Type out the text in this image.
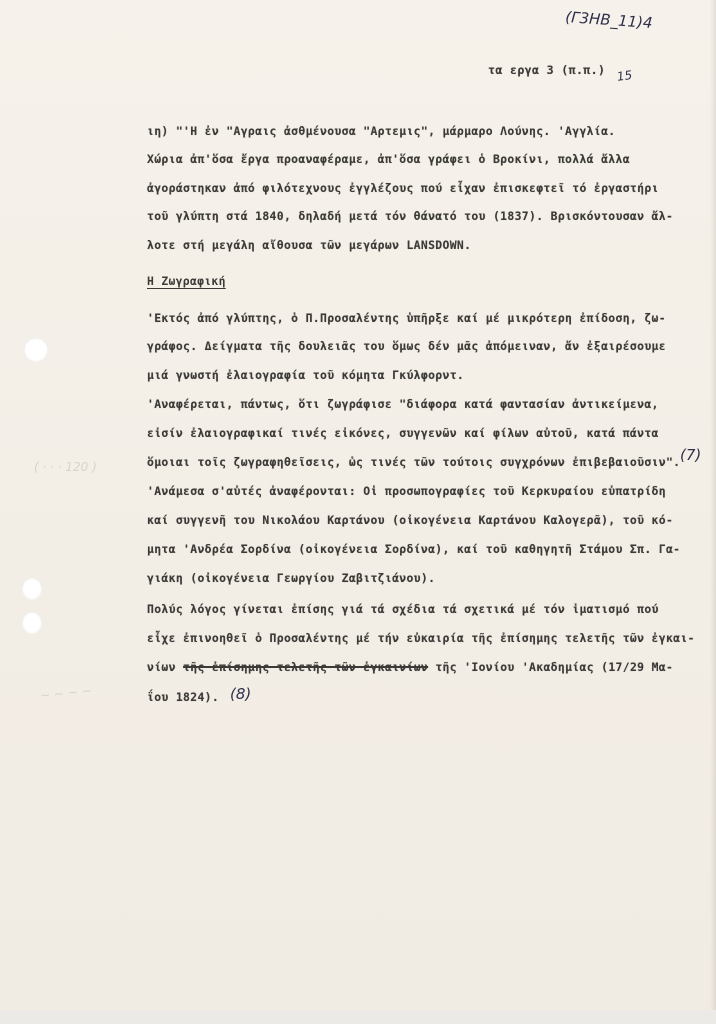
( · · · 120 )
~ ~ ~ ~
(Γ3ΗΒ_11)4
15
τα εργα 3 (π.π.)
ιη) "'Η ἐν "Αγραις ἀσθμένουσα "Αρτεμις", μάρμαρο Λούνης. 'Αγγλία.
Χώρια ἀπ'ὅσα ἔργα προαναφέραμε, ἀπ'ὅσα γράφει ὁ Βροκίνι, πολλά ἄλλα
ἀγοράστηκαν ἀπό φιλότεχνους ἐγγλέζους πού εἶχαν ἐπισκεφτεῖ τό ἐργαστήρι
τοῦ γλύπτη στά 1840, δηλαδή μετά τόν θάνατό του (1837). Βρισκόντουσαν ἄλ-
λοτε στή μεγάλη αἴθουσα τῶν μεγάρων LANSDOWN.
Η Ζωγραφική
'Εκτός ἀπό γλύπτης, ὁ Π.Προσαλέντης ὑπῆρξε καί μέ μικρότερη ἐπίδοση, ζω-
γράφος. Δείγματα τῆς δουλειᾶς του ὅμως δέν μᾶς ἀπόμειναν, ἄν ἐξαιρέσουμε
μιά γνωστή ἐλαιογραφία τοῦ κόμητα Γκύλφορντ.
'Αναφέρεται, πάντως, ὅτι ζωγράφισε "διάφορα κατά φαντασίαν ἀντικείμενα,
εἰσίν ἐλαιογραφικαί τινές εἰκόνες, συγγενῶν καί φίλων αὐτοῦ, κατά πάντα
ὅμοιαι τοῖς ζωγραφηθεῖσεις, ὡς τινές τῶν τούτοις συγχρόνων ἐπιβεβαιοῦσιν". (7)
'Ανάμεσα σ'αὐτές ἀναφέρονται: Οἱ προσωπογραφίες τοῦ Κερκυραίου εὐπατρίδη
καί συγγενῆ του Νικολάου Καρτάνου (οἰκογένεια Καρτάνου Καλογερᾶ), τοῦ κό-
μητα 'Ανδρέα Σορδίνα (οἰκογένεια Σορδίνα), καί τοῦ καθηγητῆ Στάμου Σπ. Γα-
γιάκη (οἰκογένεια Γεωργίου Ζαβιτζιάνου).
Πολύς λόγος γίνεται ἐπίσης γιά τά σχέδια τά σχετικά μέ τόν ἱματισμό πού
εἶχε ἐπινοηθεῖ ὁ Προσαλέντης μέ τήν εὐκαιρία τῆς ἐπίσημης τελετῆς τῶν ἐγκαι-
νίων τῆς ἐπίσημης τελετῆς τῶν ἐγκαινίων τῆς 'Ιονίου 'Ακαδημίας (17/29 Μα-
ΐου 1824). (8)
